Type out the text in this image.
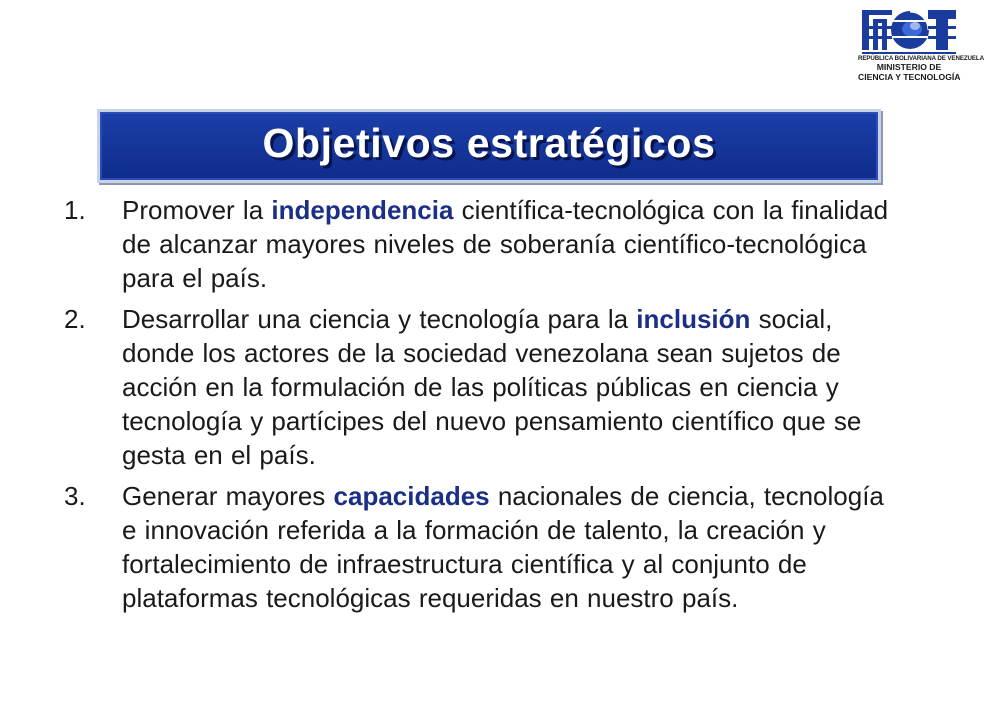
REPÚBLICA BOLIVARIANA DE VENEZUELA
MINISTERIO DE
CIENCIA Y TECNOLOGÍA
Objetivos estratégicos
1. Promover la independencia científica-tecnológica con la finalidad de alcanzar mayores niveles de soberanía científico-tecnológica para el país.
2. Desarrollar una ciencia y tecnología para la inclusión social, donde los actores de la sociedad venezolana sean sujetos de acción en la formulación de las políticas públicas en ciencia y tecnología y partícipes del nuevo pensamiento científico que se gesta en el país.
3. Generar mayores capacidades nacionales de ciencia, tecnología e innovación referida a la formación de talento, la creación y fortalecimiento de infraestructura científica y al conjunto de plataformas tecnológicas requeridas en nuestro país.
